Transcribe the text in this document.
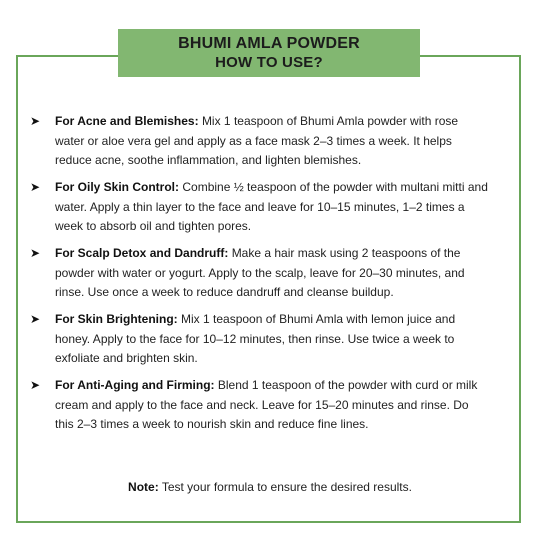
BHUMI AMLA POWDER
HOW TO USE?
➤ For Acne and Blemishes: Mix 1 teaspoon of Bhumi Amla powder with rose water or aloe vera gel and apply as a face mask 2–3 times a week. It helps reduce acne, soothe inflammation, and lighten blemishes.
➤ For Oily Skin Control: Combine ½ teaspoon of the powder with multani mitti and water. Apply a thin layer to the face and leave for 10–15 minutes, 1–2 times a week to absorb oil and tighten pores.
➤ For Scalp Detox and Dandruff: Make a hair mask using 2 teaspoons of the powder with water or yogurt. Apply to the scalp, leave for 20–30 minutes, and rinse. Use once a week to reduce dandruff and cleanse buildup.
➤ For Skin Brightening: Mix 1 teaspoon of Bhumi Amla with lemon juice and honey. Apply to the face for 10–12 minutes, then rinse. Use twice a week to exfoliate and brighten skin.
➤ For Anti-Aging and Firming: Blend 1 teaspoon of the powder with curd or milk cream and apply to the face and neck. Leave for 15–20 minutes and rinse. Do this 2–3 times a week to nourish skin and reduce fine lines.
Note: Test your formula to ensure the desired results.
